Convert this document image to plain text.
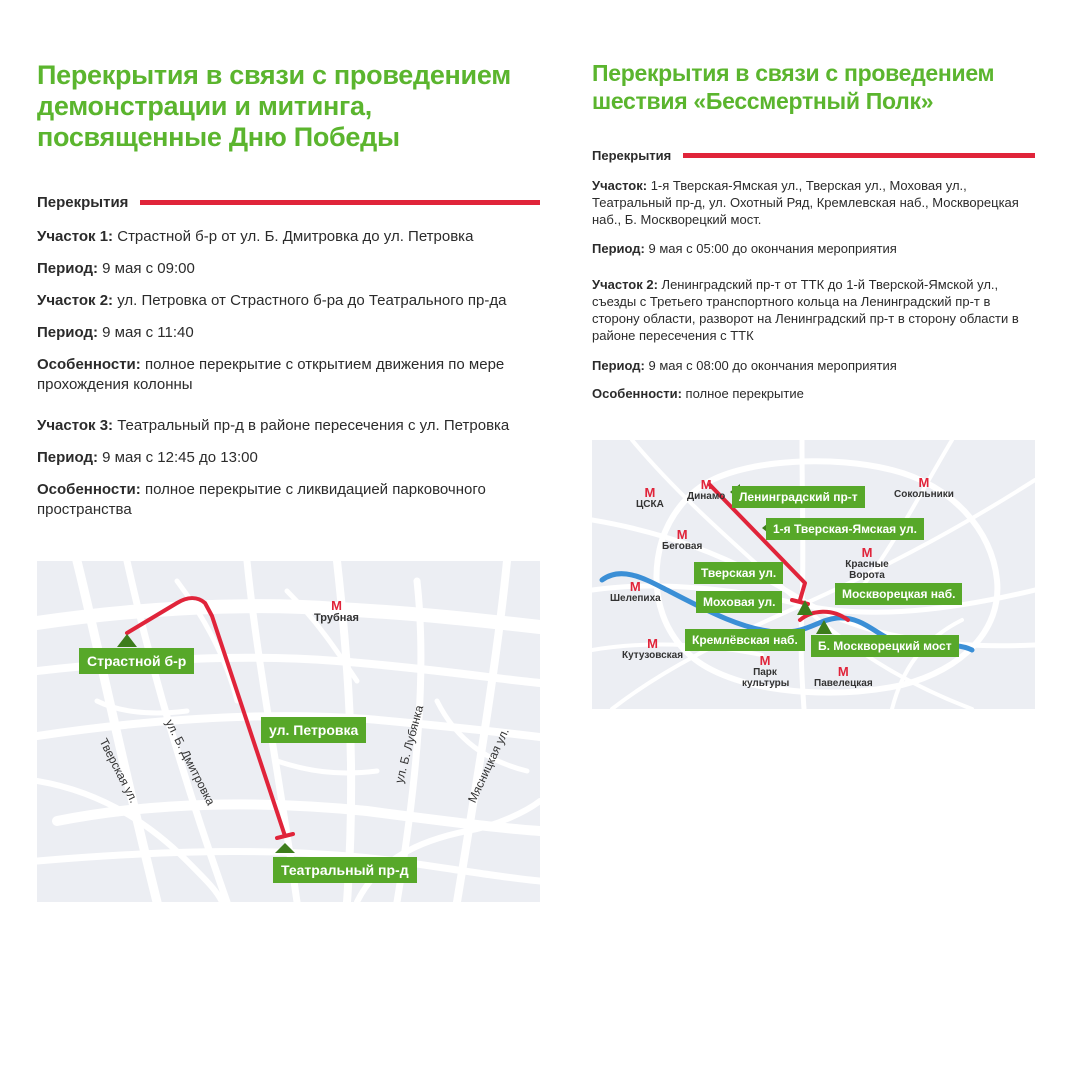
Перекрытия в связи с проведением демонстрации и митинга, посвященные Дню Победы
Перекрытия

Участок 1: Страстной б-р от ул. Б. Дмитровка до ул. Петровка

Период: 9 мая с 09:00

Участок 2: ул. Петровка от Страстного б-ра до Театрального пр-да

Период: 9 мая с 11:40

Особенности: полное перекрытие с открытием движения по мере прохождения колонны

Участок 3: Театральный пр-д в районе пересечения с ул. Петровка

Период: 9 мая с 12:45 до 13:00

Особенности: полное перекрытие с ликвидацией парковочного пространства

М
Трубная
Страстной б-р
ул. Петровка
Театральный пр-д
Тверская ул. ул. Б. Дмитровка	ул. Б. Лубянка	Мясницкая ул.
Перекрытия в связи с проведением шествия «Бессмертный Полк»
Перекрытия

Участок: 1-я Тверская-Ямская ул., Тверская ул., Моховая ул., Театральный пр-д, ул. Охотный Ряд, Кремлевская наб., Москворецкая наб., Б. Москворецкий мост.

Период: 9 мая с 05:00 до окончания мероприятия

Участок 2: Ленинградский пр-т от ТТК до 1-й Тверской-Ямской ул., съезды с Третьего транспортного кольца на Ленинградский пр-т в сторону области, разворот на Ленинградский пр-т в сторону области в районе пересечения с ТТК

Период: 9 мая с 08:00 до окончания мероприятия

Особенности: полное перекрытие

М
Динамо
М
ЦСКА
М
Беговая
М
Сокольники
М
Красные Ворота
М
Шелепиха
М
Кутузовская	М
Парк культуры
М
Павелецкая
Ленинградский пр-т
1-я Тверская-Ямская ул.
Тверская ул.
Моховая ул.
Москворецкая наб.
Кремлёвская наб.	Б. Москворецкий мост
